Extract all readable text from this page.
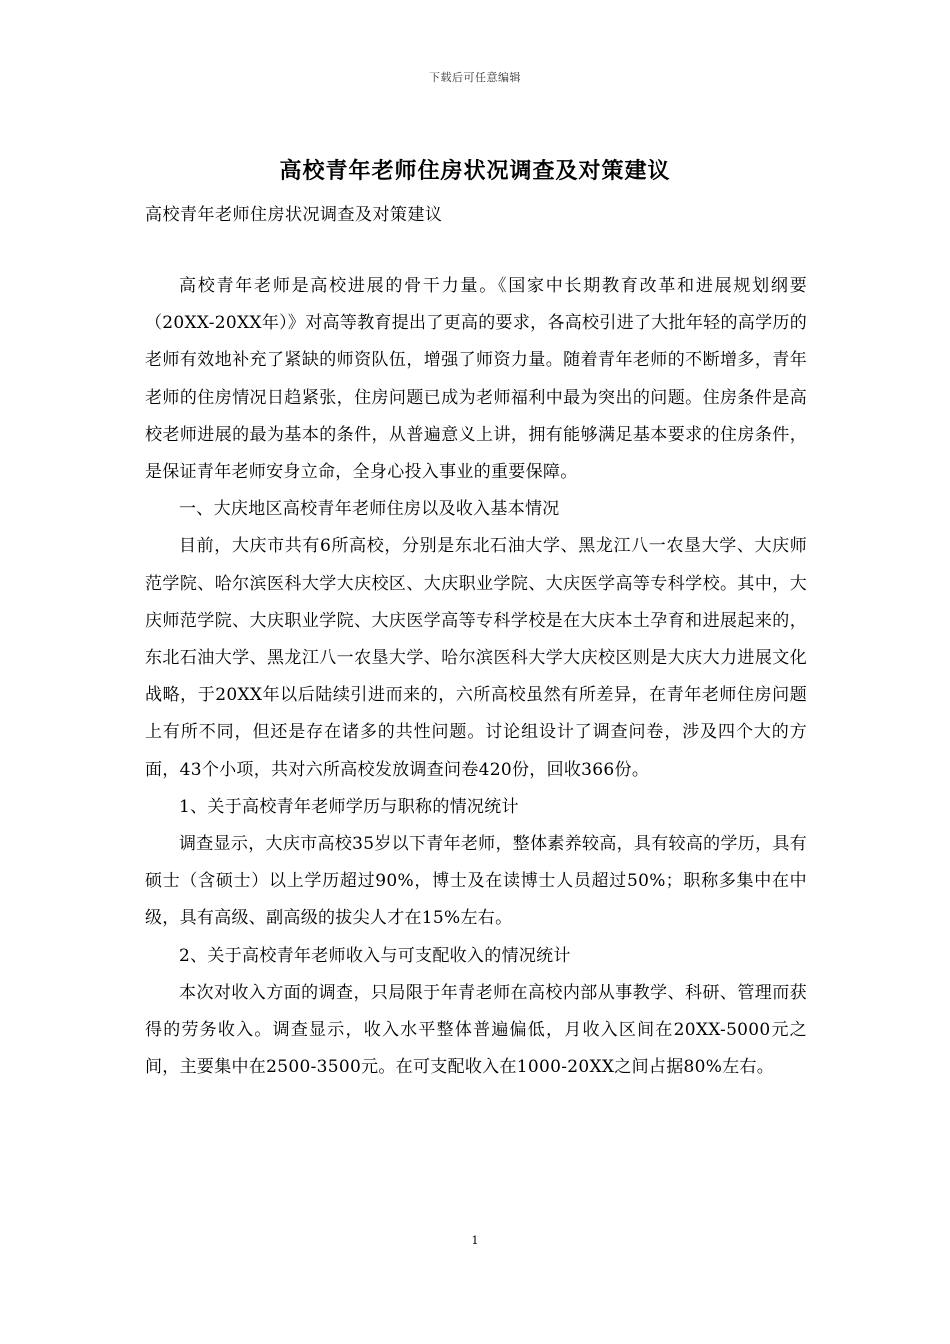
下载后可任意编辑
高校青年老师住房状况调查及对策建议
高校青年老师住房状况调查及对策建议

高校青年老师是高校进展的骨干力量。《国家中长期教育改革和进展规划纲要（20XX-20XX年）》对高等教育提出了更高的要求，各高校引进了大批年轻的高学历的老师有效地补充了紧缺的师资队伍，增强了师资力量。随着青年老师的不断增多，青年老师的住房情况日趋紧张，住房问题已成为老师福利中最为突出的问题。住房条件是高校老师进展的最为基本的条件，从普遍意义上讲，拥有能够满足基本要求的住房条件，是保证青年老师安身立命，全身心投入事业的重要保障。

一、大庆地区高校青年老师住房以及收入基本情况

目前，大庆市共有6所高校，分别是东北石油大学、黑龙江八一农垦大学、大庆师范学院、哈尔滨医科大学大庆校区、大庆职业学院、大庆医学高等专科学校。其中，大庆师范学院、大庆职业学院、大庆医学高等专科学校是在大庆本土孕育和进展起来的，东北石油大学、黑龙江八一农垦大学、哈尔滨医科大学大庆校区则是大庆大力进展文化战略，于20XX年以后陆续引进而来的，六所高校虽然有所差异，在青年老师住房问题上有所不同，但还是存在诸多的共性问题。讨论组设计了调查问卷，涉及四个大的方面，43个小项，共对六所高校发放调查问卷420份，回收366份。

1、关于高校青年老师学历与职称的情况统计

调查显示，大庆市高校35岁以下青年老师，整体素养较高，具有较高的学历，具有硕士（含硕士）以上学历超过90%，博士及在读博士人员超过50%；职称多集中在中级，具有高级、副高级的拔尖人才在15%左右。

2、关于高校青年老师收入与可支配收入的情况统计

本次对收入方面的调查，只局限于年青老师在高校内部从事教学、科研、管理而获得的劳务收入。调查显示，收入水平整体普遍偏低，月收入区间在20XX-5000元之间，主要集中在2500-3500元。在可支配收入在1000-20XX之间占据80%左右。

1
